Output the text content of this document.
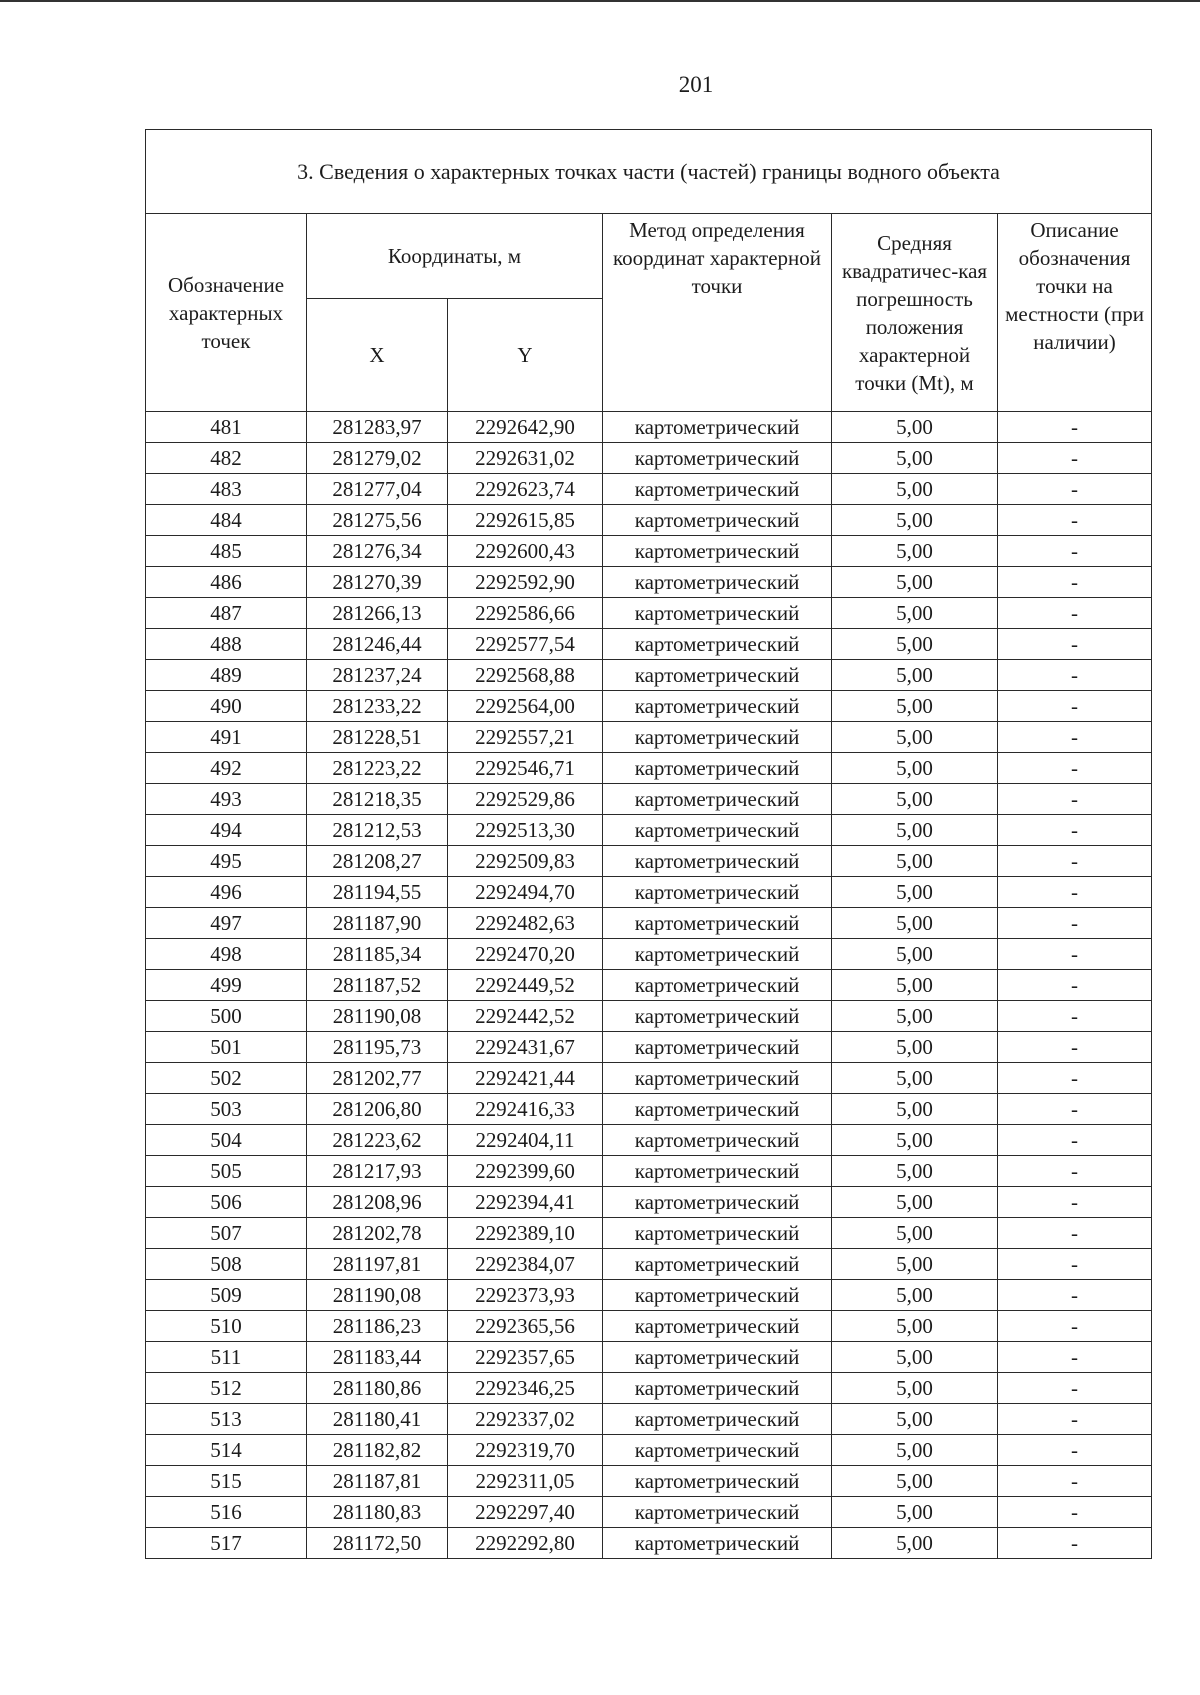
201
3. Сведения о характерных точках части (частей) границы водного объекта					
Обозначение характерных точек	Координаты, м		Метод определения координат характерной точки	Средняя квадратичес-кая погрешность положения характерной точки (Mt), м	Описание обозначения точки на местности (при наличии)
	X	Y			
481	281283,97	2292642,90	картометрический	5,00	-
482	281279,02	2292631,02	картометрический	5,00	-
483	281277,04	2292623,74	картометрический	5,00	-
484	281275,56	2292615,85	картометрический	5,00	-
485	281276,34	2292600,43	картометрический	5,00	-
486	281270,39	2292592,90	картометрический	5,00	-
487	281266,13	2292586,66	картометрический	5,00	-
488	281246,44	2292577,54	картометрический	5,00	-
489	281237,24	2292568,88	картометрический	5,00	-
490	281233,22	2292564,00	картометрический	5,00	-
491	281228,51	2292557,21	картометрический	5,00	-
492	281223,22	2292546,71	картометрический	5,00	-
493	281218,35	2292529,86	картометрический	5,00	-
494	281212,53	2292513,30	картометрический	5,00	-
495	281208,27	2292509,83	картометрический	5,00	-
496	281194,55	2292494,70	картометрический	5,00	-
497	281187,90	2292482,63	картометрический	5,00	-
498	281185,34	2292470,20	картометрический	5,00	-
499	281187,52	2292449,52	картометрический	5,00	-
500	281190,08	2292442,52	картометрический	5,00	-
501	281195,73	2292431,67	картометрический	5,00	-
502	281202,77	2292421,44	картометрический	5,00	-
503	281206,80	2292416,33	картометрический	5,00	-
504	281223,62	2292404,11	картометрический	5,00	-
505	281217,93	2292399,60	картометрический	5,00	-
506	281208,96	2292394,41	картометрический	5,00	-
507	281202,78	2292389,10	картометрический	5,00	-
508	281197,81	2292384,07	картометрический	5,00	-
509	281190,08	2292373,93	картометрический	5,00	-
510	281186,23	2292365,56	картометрический	5,00	-
511	281183,44	2292357,65	картометрический	5,00	-
512	281180,86	2292346,25	картометрический	5,00	-
513	281180,41	2292337,02	картометрический	5,00	-
514	281182,82	2292319,70	картометрический	5,00	-
515	281187,81	2292311,05	картометрический	5,00	-
516	281180,83	2292297,40	картометрический	5,00	-
517	281172,50	2292292,80	картометрический	5,00	-
